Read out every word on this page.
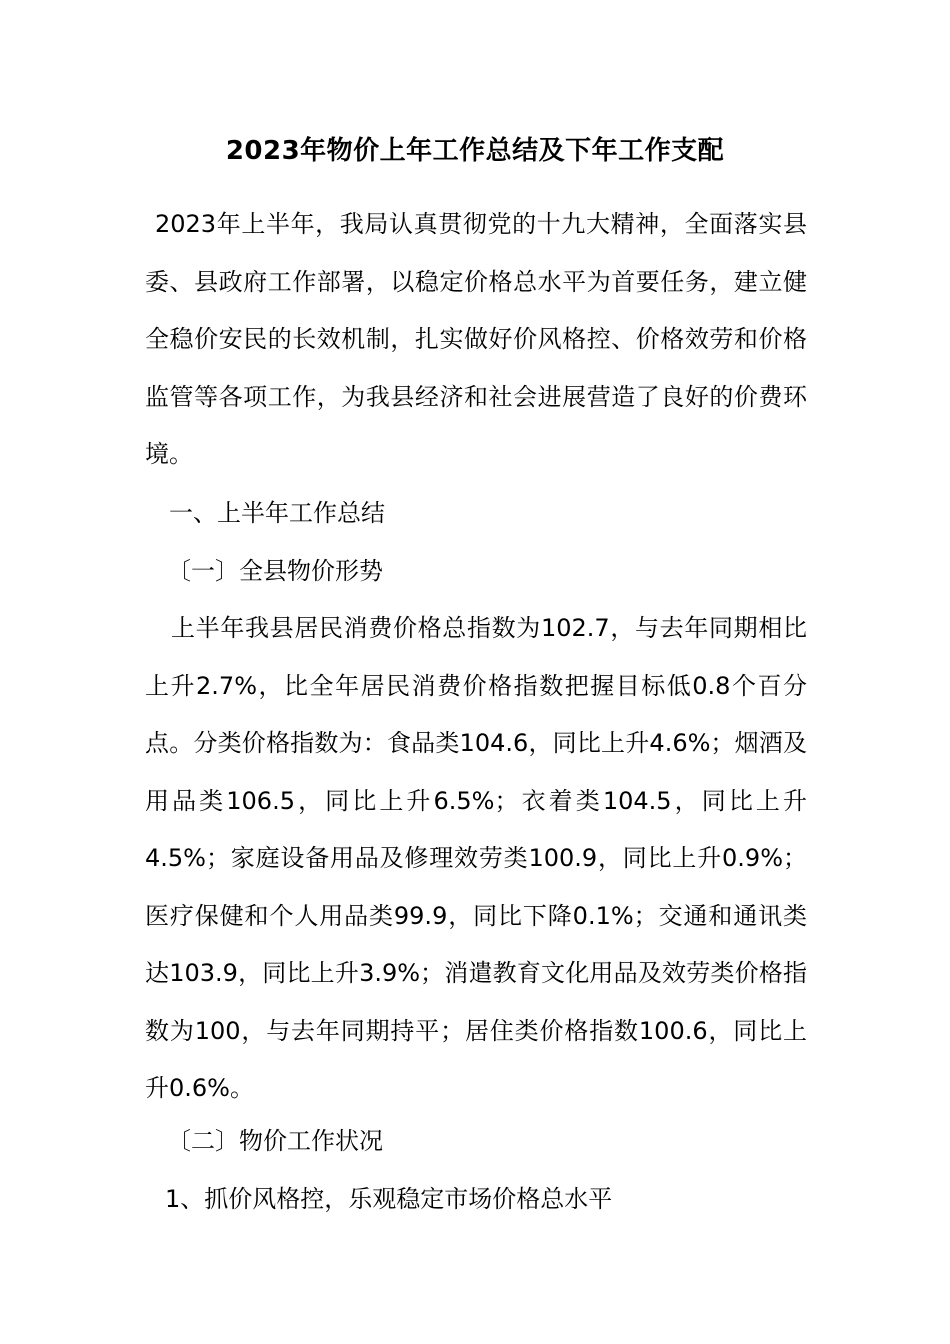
2023年物价上年工作总结及下年工作支配
2023年上半年，我局认真贯彻党的十九大精神，全面落实县委、县政府工作部署，以稳定价格总水平为首要任务，建立健全稳价安民的长效机制，扎实做好价风格控、价格效劳和价格监管等各项工作，为我县经济和社会进展营造了良好的价费环境。
一、上半年工作总结
〔一〕全县物价形势
上半年我县居民消费价格总指数为102.7，与去年同期相比上升2.7%，比全年居民消费价格指数把握目标低0.8个百分点。分类价格指数为：食品类104.6，同比上升4.6%；烟酒及用品类106.5，同比上升6.5%；衣着类104.5，同比上升4.5%；家庭设备用品及修理效劳类100.9，同比上升0.9%；医疗保健和个人用品类99.9，同比下降0.1%；交通和通讯类达103.9，同比上升3.9%；消遣教育文化用品及效劳类价格指数为100，与去年同期持平；居住类价格指数100.6，同比上升0.6%。
〔二〕物价工作状况
1、抓价风格控，乐观稳定市场价格总水平
